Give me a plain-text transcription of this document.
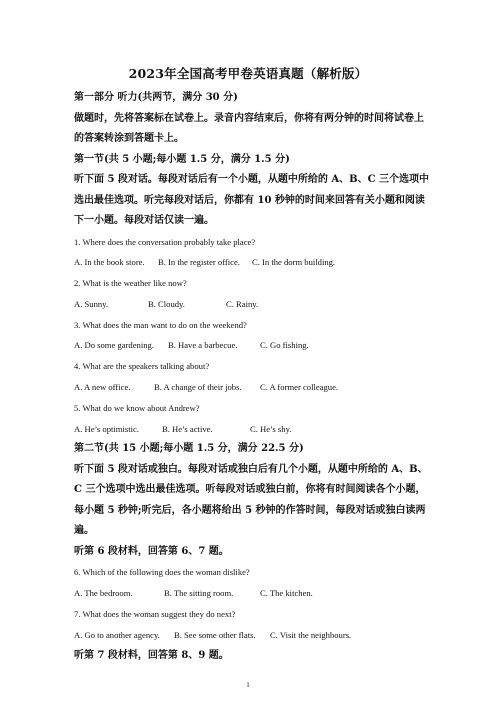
2023年全国高考甲卷英语真题（解析版）
第一部分 听力(共两节，满分 30 分)
做题时，先将答案标在试卷上。录音内容结束后，你将有两分钟的时间将试卷上的答案转涂到答题卡上。
第一节(共 5 小题;每小题 1.5 分，满分 1.5 分)
听下面 5 段对话。每段对话后有一个小题，从题中所给的 A、B、C 三个选项中选出最佳选项。听完每段对话后，你都有 10 秒钟的时间来回答有关小题和阅读下一小题。每段对话仅读一遍。
1. Where does the conversation probably take place?
A. In the book store.	B. In the register office.	C. In the dorm building.
2. What is the weather like now?
A. Sunny.	B. Cloudy.	C. Rainy.
3. What does the man want to do on the weekend?
A. Do some gardening.	B. Have a barbecue.	C. Go fishing.
4. What are the speakers talking about?
A. A new office.	B. A change of their jobs.	C. A former colleague.
5. What do we know about Andrew?
A. He’s optimistic.	B. He’s active.	C. He’s shy.
第二节(共 15 小题;每小题 1.5 分，满分 22.5 分)
听下面 5 段对话或独白。每段对话或独白后有几个小题，从题中所给的 A、B、C 三个选项中选出最佳选项。听每段对话或独白前，你将有时间阅读各个小题，每小题 5 秒钟;听完后，各小题将给出 5 秒钟的作答时间，每段对话或独白读两遍。
听第 6 段材料，回答第 6、7 题。
6. Which of the following does the woman dislike?
A. The bedroom.	B. The sitting room.	C. The kitchen.
7. What does the woman suggest they do next?
A. Go to another agency.	B. See some other flats.	C. Visit the neighbours.
听第 7 段材料，回答第 8、9 题。
1
